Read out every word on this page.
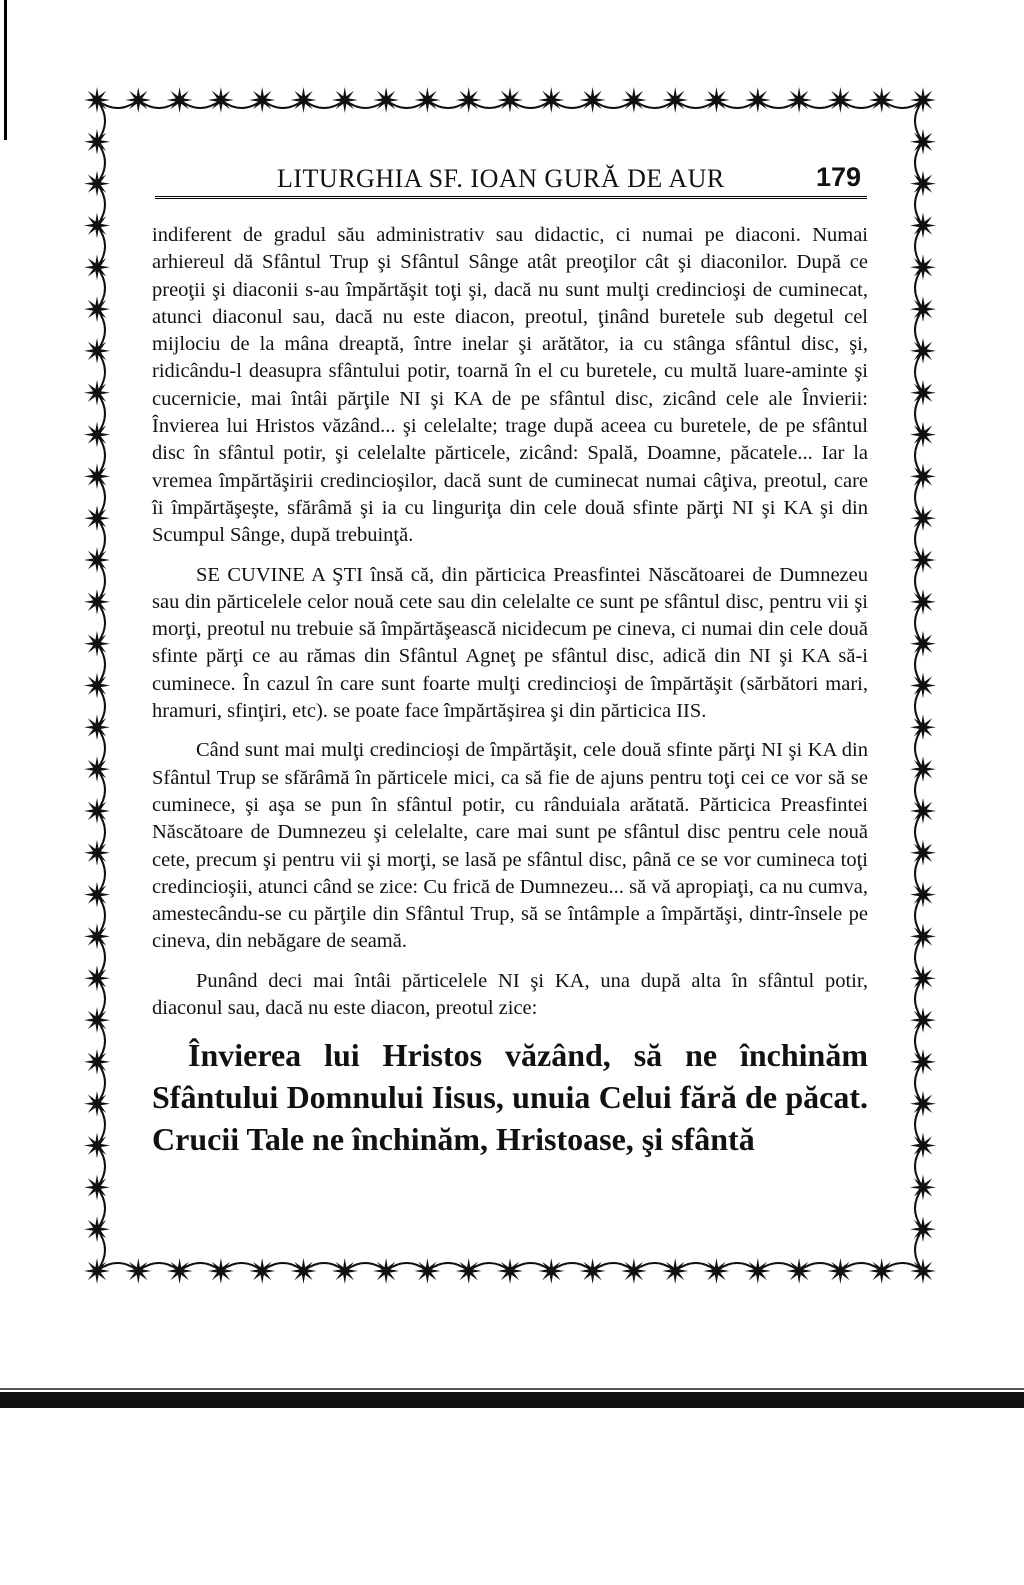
LITURGHIA SF. IOAN GURĂ DE AUR	179

indiferent de gradul său administrativ sau didactic, ci numai pe diaconi. Numai arhiereul dă Sfântul Trup şi Sfântul Sânge atât preoţilor cât şi diaconilor. După ce preoţii şi diaconii s-au împărtăşit toţi şi, dacă nu sunt mulţi credincioşi de cuminecat, atunci diaconul sau, dacă nu este diacon, preotul, ţinând buretele sub degetul cel mijlociu de la mâna dreaptă, între inelar şi arătător, ia cu stânga sfântul disc, şi, ridicându-l deasupra sfântului potir, toarnă în el cu buretele, cu multă luare-aminte şi cucernicie, mai întâi părţile NI şi KA de pe sfântul disc, zicând cele ale Învierii: Învierea lui Hristos văzând... şi celelalte; trage după aceea cu buretele, de pe sfântul disc în sfântul potir, şi celelalte părticele, zicând: Spală, Doamne, păcatele... Iar la vremea împărtăşirii credincioşilor, dacă sunt de cuminecat numai câţiva, preotul, care îi împărtăşeşte, sfărâmă şi ia cu linguriţa din cele două sfinte părţi NI şi KA şi din Scumpul Sânge, după trebuinţă.

SE CUVINE A ŞTI însă că, din părticica Preasfintei Născătoarei de Dumnezeu sau din părticelele celor nouă cete sau din celelalte ce sunt pe sfântul disc, pentru vii şi morţi, preotul nu trebuie să împărtăşească nicidecum pe cineva, ci numai din cele două sfinte părţi ce au rămas din Sfântul Agneţ pe sfântul disc, adică din NI şi KA să-i cuminece. În cazul în care sunt foarte mulţi credincioşi de împărtăşit (sărbători mari, hramuri, sfinţiri, etc). se poate face împărtăşirea şi din părticica IIS.

Când sunt mai mulţi credincioşi de împărtăşit, cele două sfinte părţi NI şi KA din Sfântul Trup se sfărâmă în părticele mici, ca să fie de ajuns pentru toţi cei ce vor să se cuminece, şi aşa se pun în sfântul potir, cu rânduiala arătată. Părticica Preasfintei Născătoare de Dumnezeu şi celelalte, care mai sunt pe sfântul disc pentru cele nouă cete, precum şi pentru vii şi morţi, se lasă pe sfântul disc, până ce se vor cumineca toţi credincioşii, atunci când se zice: Cu frică de Dumnezeu... să vă apropiaţi, ca nu cumva, amestecându-se cu părţile din Sfântul Trup, să se întâmple a împărtăşi, dintr-însele pe cineva, din nebăgare de seamă.

Punând deci mai întâi părticelele NI şi KA, una după alta în sfântul potir, diaconul sau, dacă nu este diacon, preotul zice:

Învierea lui Hristos văzând, să ne închinăm Sfântului Domnului Iisus, unuia Celui fără de păcat. Crucii Tale ne închinăm, Hristoase, şi sfântă
